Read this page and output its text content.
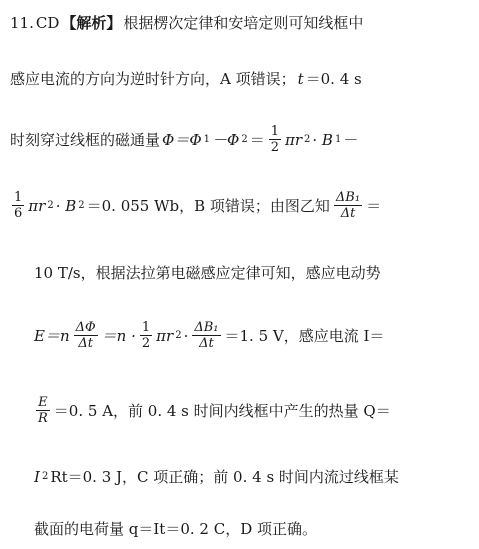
11. CD 【解析】 根据楞次定律和安培定则可知线框中
感应电流的方向为逆时针方向，A 项错误； t ＝0. 4 s
时刻穿过线框的磁通量 Φ＝Φ 1 －Φ $2 = \frac{1}{2}$ πr 2 · B 1 －
$\frac{1}{6}$ πr 2 · B 2 ＝0. 055 Wb，B 项错误；由图乙知 $\frac{\text{ΔB₁}}{\Delta t}$ ＝
10 T/s，根据法拉第电磁感应定律可知，感应电动势
$E=n \frac{\Delta\Phi}{\Delta t} =n \cdot \frac{1}{2}$ πr $2 \cdot \frac{\text{ΔB₁}}{\Delta t} =1$. 5 V，感应电流 I＝
$\frac{E}{R} =0$. 5 A，前 0. 4 s 时间内线框中产生的热量 Q＝
I 2 Rt＝0. 3 J，C 项正确；前 0. 4 s 时间内流过线框某
截面的电荷量 q＝It＝0. 2 C，D 项正确。
